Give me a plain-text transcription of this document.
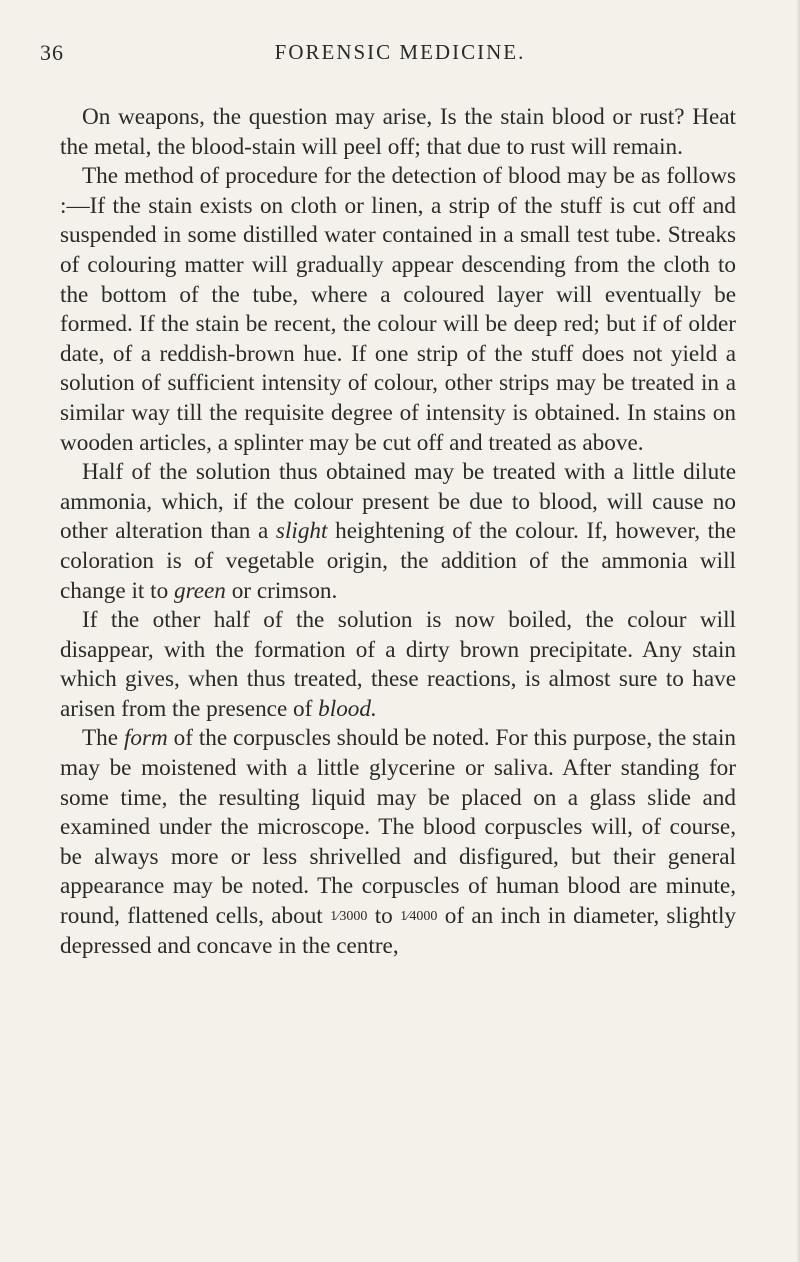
36	FORENSIC MEDICINE.

On weapons, the question may arise, Is the stain blood or rust? Heat the metal, the blood-stain will peel off; that due to rust will remain.

The method of procedure for the detection of blood may be as follows :—If the stain exists on cloth or linen, a strip of the stuff is cut off and suspended in some distilled water contained in a small test tube. Streaks of colouring matter will gradually appear descending from the cloth to the bottom of the tube, where a coloured layer will eventually be formed. If the stain be recent, the colour will be deep red; but if of older date, of a reddish-brown hue. If one strip of the stuff does not yield a solution of sufficient intensity of colour, other strips may be treated in a similar way till the requisite degree of intensity is obtained. In stains on wooden articles, a splinter may be cut off and treated as above.

Half of the solution thus obtained may be treated with a little dilute ammonia, which, if the colour present be due to blood, will cause no other alteration than a slight heightening of the colour. If, however, the coloration is of vegetable origin, the addition of the ammonia will change it to green or crimson.

If the other half of the solution is now boiled, the colour will disappear, with the formation of a dirty brown precipitate. Any stain which gives, when thus treated, these reactions, is almost sure to have arisen from the presence of blood.

The form of the corpuscles should be noted. For this purpose, the stain may be moistened with a little glycerine or saliva. After standing for some time, the resulting liquid may be placed on a glass slide and examined under the microscope. The blood corpuscles will, of course, be always more or less shrivelled and disfigured, but their general appearance may be noted. The corpuscles of human blood are minute, round, flattened cells, about 1⁄3000 to 1⁄4000 of an inch in diameter, slightly depressed and concave in the centre,
